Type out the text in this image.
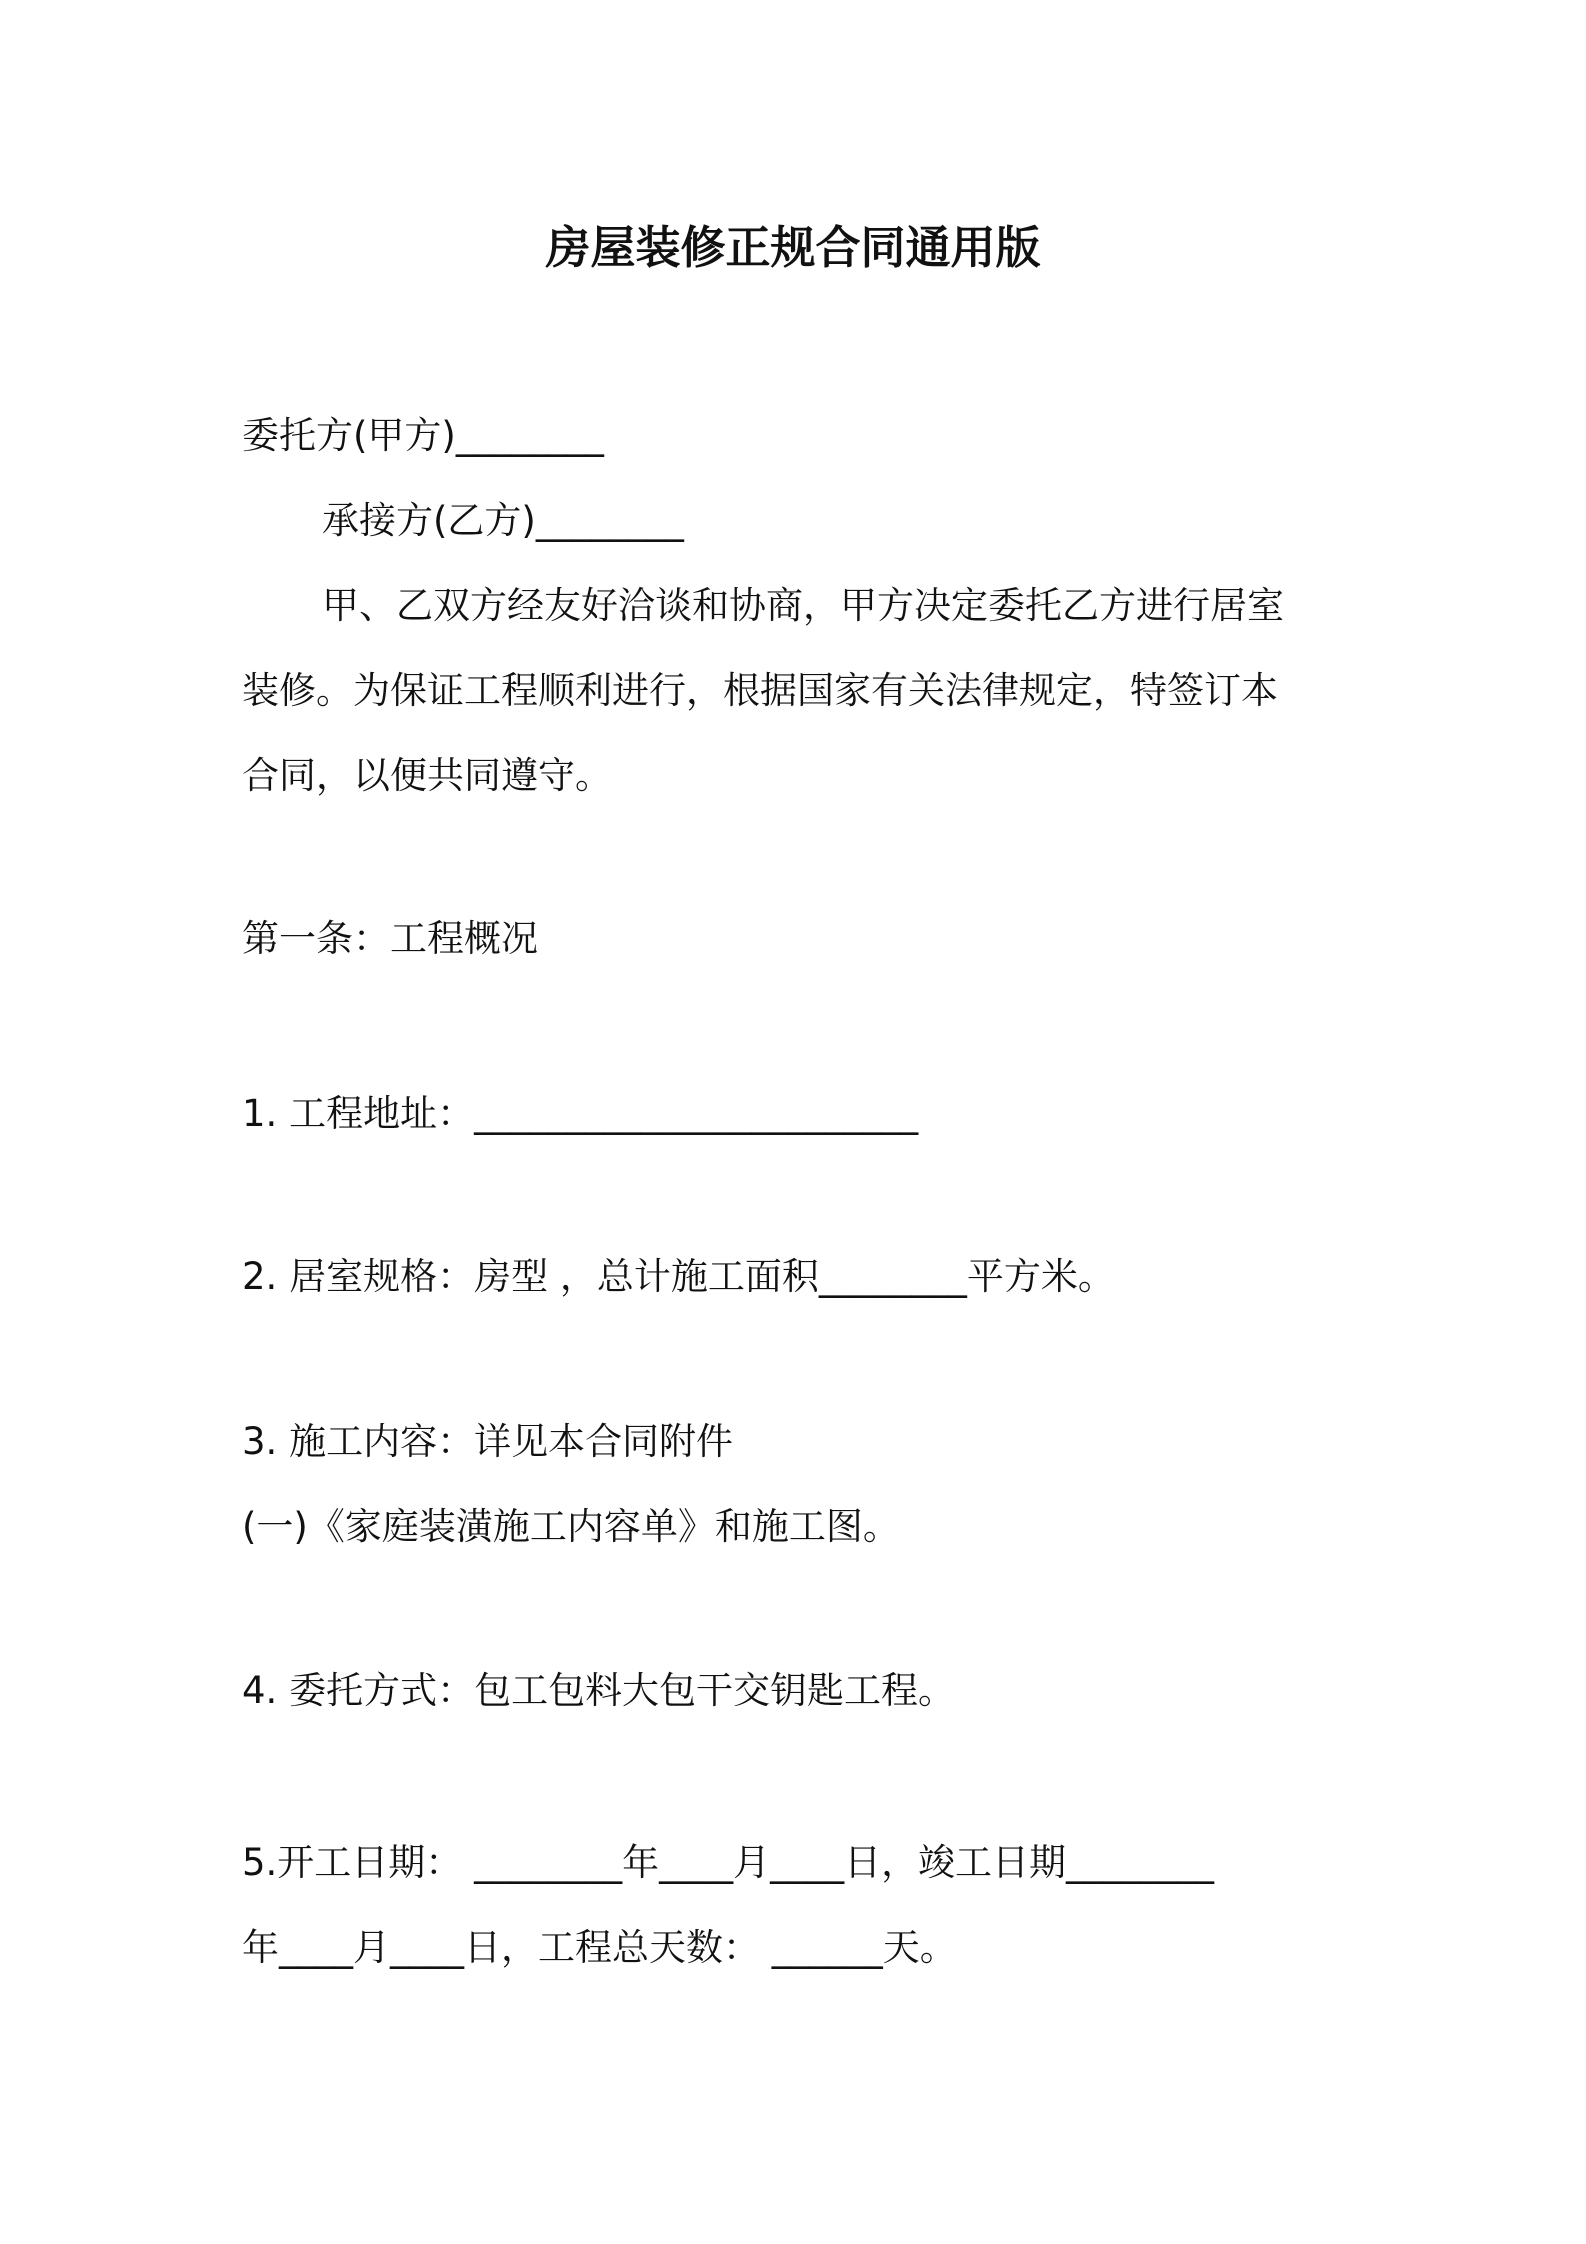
房屋装修正规合同通用版

委托方(甲方)________

承接方(乙方)________

甲、乙双方经友好洽谈和协商，甲方决定委托乙方进行居室

装修。为保证工程顺利进行，根据国家有关法律规定，特签订本

合同，以便共同遵守。

第一条：工程概况

1. 工程地址：________________________

2. 居室规格：房型 ，总计施工面积________平方米。

3. 施工内容：详见本合同附件

(一)《家庭装潢施工内容单》和施工图。

4. 委托方式：包工包料大包干交钥匙工程。

5.开工日期： ________年____月____日，竣工日期________

年____月____日，工程总天数： ______天。
